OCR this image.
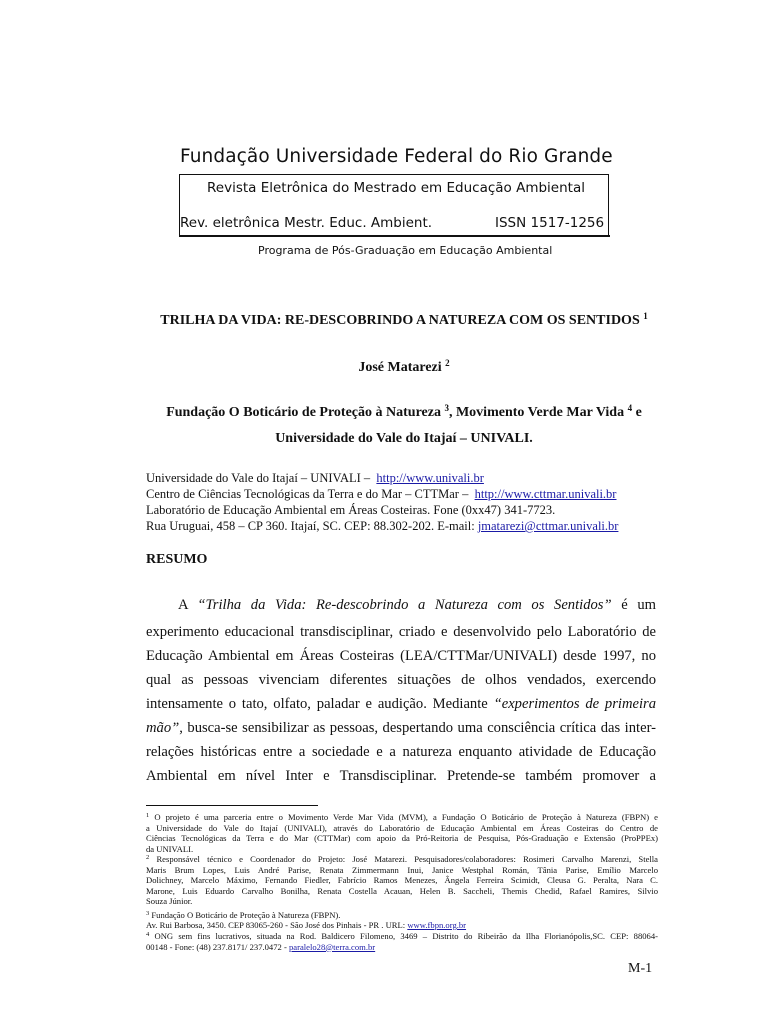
Fundação Universidade Federal do Rio Grande
Revista Eletrônica do Mestrado em Educação Ambiental
Rev. eletrônica Mestr. Educ. Ambient.	ISSN 1517-1256
Programa de Pós-Graduação em Educação Ambiental
TRILHA DA VIDA: RE-DESCOBRINDO A NATUREZA COM OS SENTIDOS $^1$
José Matarezi $^2$
Fundação O Boticário de Proteção à Natureza $^3$, Movimento Verde Mar Vida $^4$ e
Universidade do Vale do Itajaí – UNIVALI.
Universidade do Vale do Itajaí – UNIVALI – http://www.univali.br
Centro de Ciências Tecnológicas da Terra e do Mar – CTTMar – http://www.cttmar.univali.br
Laboratório de Educação Ambiental em Áreas Costeiras. Fone (0xx47) 341-7723.
Rua Uruguai, 458 – CP 360. Itajaí, SC. CEP: 88.302-202. E-mail: jmatarezi@cttmar.univali.br
RESUMO
A “Trilha da Vida: Re-descobrindo a Natureza com os Sentidos” é um
experimento educacional transdisciplinar, criado e desenvolvido pelo Laboratório de
Educação Ambiental em Áreas Costeiras (LEA/CTTMar/UNIVALI) desde 1997, no
qual as pessoas vivenciam diferentes situações de olhos vendados, exercendo
intensamente o tato, olfato, paladar e audição. Mediante “experimentos de primeira
mão”, busca-se sensibilizar as pessoas, despertando uma consciência crítica das inter-
relações históricas entre a sociedade e a natureza enquanto atividade de Educação
Ambiental em nível Inter e Transdisciplinar. Pretende-se também promover a
$^1$ O projeto é uma parceria entre o Movimento Verde Mar Vida (MVM), a Fundação O Boticário de Proteção à Natureza (FBPN) e
a Universidade do Vale do Itajaí (UNIVALI), através do Laboratório de Educação Ambiental em Áreas Costeiras do Centro de
Ciências Tecnológicas da Terra e do Mar (CTTMar) com apoio da Pró-Reitoria de Pesquisa, Pós-Graduação e Extensão (ProPPEx)
da UNIVALI.
$^2$ Responsável técnico e Coordenador do Projeto: José Matarezi. Pesquisadores/colaboradores: Rosimeri Carvalho Marenzi, Stella
Maris Brum Lopes, Luis André Parise, Renata Zimmermann Inui, Janice Westphal Román, Tânia Parise, Emílio Marcelo
Dolichney, Marcelo Máximo, Fernando Fiedler, Fabrício Ramos Menezes, Ângela Ferreira Scimidt, Cleusa G. Peralta, Nara C.
Marone, Luis Eduardo Carvalho Bonilha, Renata Costella Acauan, Helen B. Saccheli, Themis Chedid, Rafael Ramires, Silvio
Souza Júnior.
$^3$ Fundação O Boticário de Proteção à Natureza (FBPN).
Av. Rui Barbosa, 3450. CEP 83065-260 - São José dos Pinhais - PR . URL: www.fbpn.org.br
$^4$ ONG sem fins lucrativos, situada na Rod. Baldicero Filomeno, 3469 – Distrito do Ribeirão da Ilha Florianópolis,SC. CEP: 88064-
00148 - Fone: (48) 237.8171/ 237.0472 - paralelo28@terra.com.br
M-1
